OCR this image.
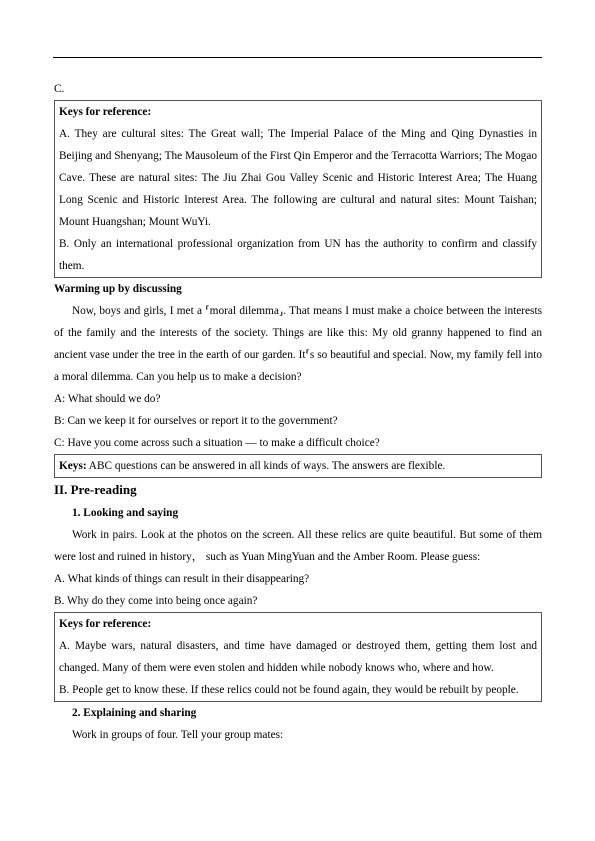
C.

Keys for reference:

A. They are cultural sites: The Great wall; The Imperial Palace of the Ming and Qing Dynasties in Beijing and Shenyang; The Mausoleum of the First Qin Emperor and the Terracotta Warriors; The Mogao Cave. These are natural sites: The Jiu Zhai Gou Valley Scenic and Historic Interest Area; The Huang Long Scenic and Historic Interest Area. The following are cultural and natural sites: Mount Taishan; Mount Huangshan; Mount WuYi.

B. Only an international professional organization from UN has the authority to confirm and classify them.

Warming up by discussing

Now, boys and girls, I met a ⸢moral dilemma⸥. That means I must make a choice between the interests of the family and the interests of the society. Things are like this: My old granny happened to find an ancient vase under the tree in the earth of our garden. It⸢s so beautiful and special. Now, my family fell into a moral dilemma. Can you help us to make a decision?

A: What should we do?

B: Can we keep it for ourselves or report it to the government?

C: Have you come across such a situation — to make a difficult choice?

Keys: ABC questions can be answered in all kinds of ways. The answers are flexible.

II. Pre-reading

1. Looking and saying

Work in pairs. Look at the photos on the screen. All these relics are quite beautiful. But some of them were lost and ruined in history， such as Yuan MingYuan and the Amber Room. Please guess:

A. What kinds of things can result in their disappearing?

B. Why do they come into being once again?

Keys for reference:

A. Maybe wars, natural disasters, and time have damaged or destroyed them, getting them lost and changed. Many of them were even stolen and hidden while nobody knows who, where and how.

B. People get to know these. If these relics could not be found again, they would be rebuilt by people.

2. Explaining and sharing

Work in groups of four. Tell your group mates:
